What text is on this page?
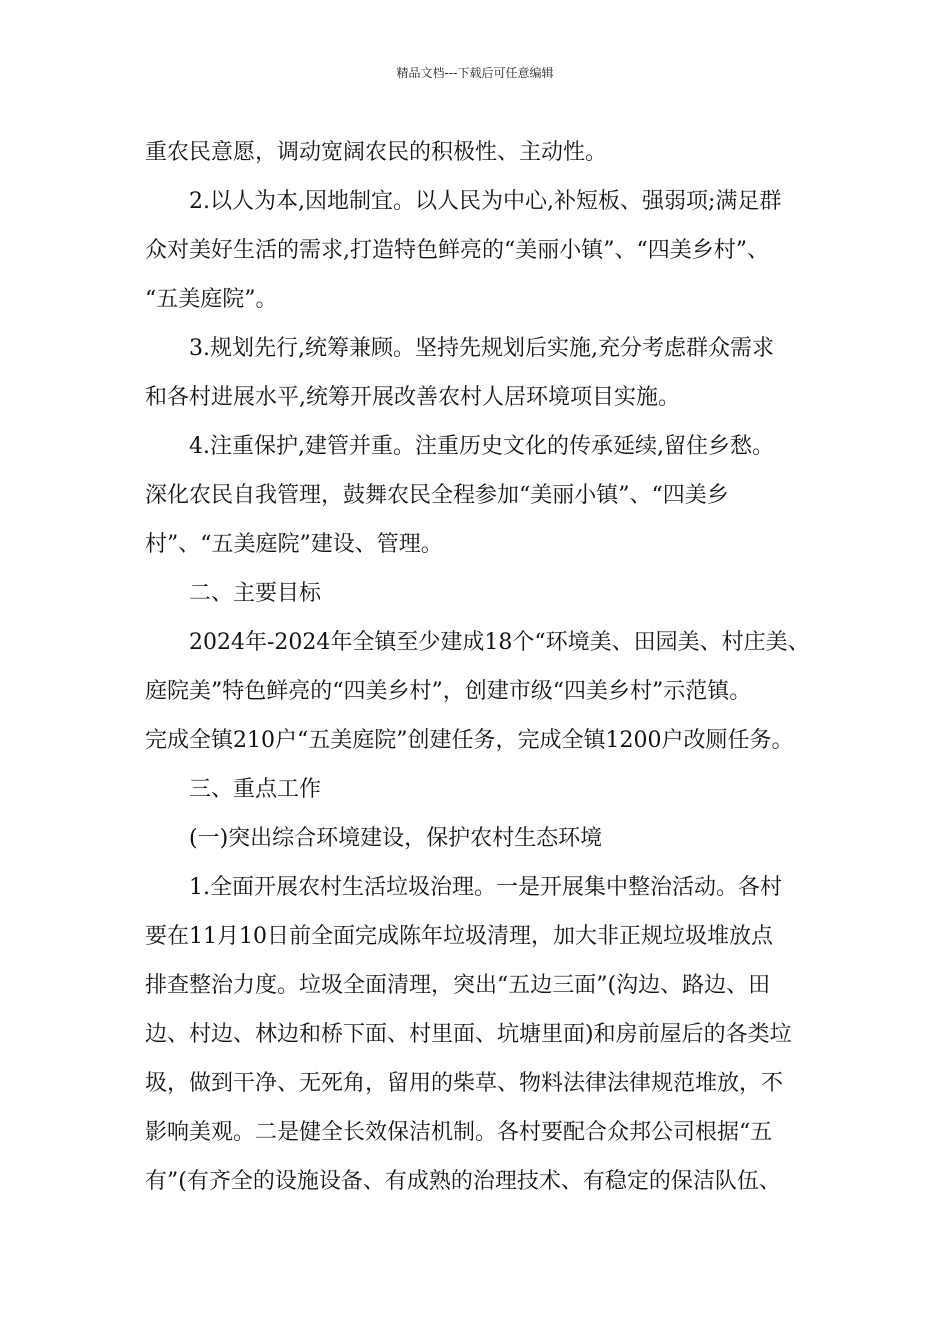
精品文档---下载后可任意编辑
重农民意愿，调动宽阔农民的积极性、主动性。
2.以人为本,因地制宜。以人民为中心,补短板、强弱项;满足群
众对美好生活的需求,打造特色鲜亮的“美丽小镇”、“四美乡村”、
“五美庭院”。
3.规划先行,统筹兼顾。坚持先规划后实施,充分考虑群众需求
和各村进展水平,统筹开展改善农村人居环境项目实施。
4.注重保护,建管并重。注重历史文化的传承延续,留住乡愁。
深化农民自我管理，鼓舞农民全程参加“美丽小镇”、“四美乡
村”、“五美庭院”建设、管理。
二、主要目标
2024年-2024年全镇至少建成18个“环境美、田园美、村庄美、
庭院美”特色鲜亮的“四美乡村”，创建市级“四美乡村”示范镇。
完成全镇210户“五美庭院”创建任务，完成全镇1200户改厕任务。
三、重点工作
(一)突出综合环境建设，保护农村生态环境
1.全面开展农村生活垃圾治理。一是开展集中整治活动。各村
要在11月10日前全面完成陈年垃圾清理，加大非正规垃圾堆放点
排查整治力度。垃圾全面清理，突出“五边三面”(沟边、路边、田
边、村边、林边和桥下面、村里面、坑塘里面)和房前屋后的各类垃
圾，做到干净、无死角，留用的柴草、物料法律法律规范堆放，不
影响美观。二是健全长效保洁机制。各村要配合众邦公司根据“五
有”(有齐全的设施设备、有成熟的治理技术、有稳定的保洁队伍、
